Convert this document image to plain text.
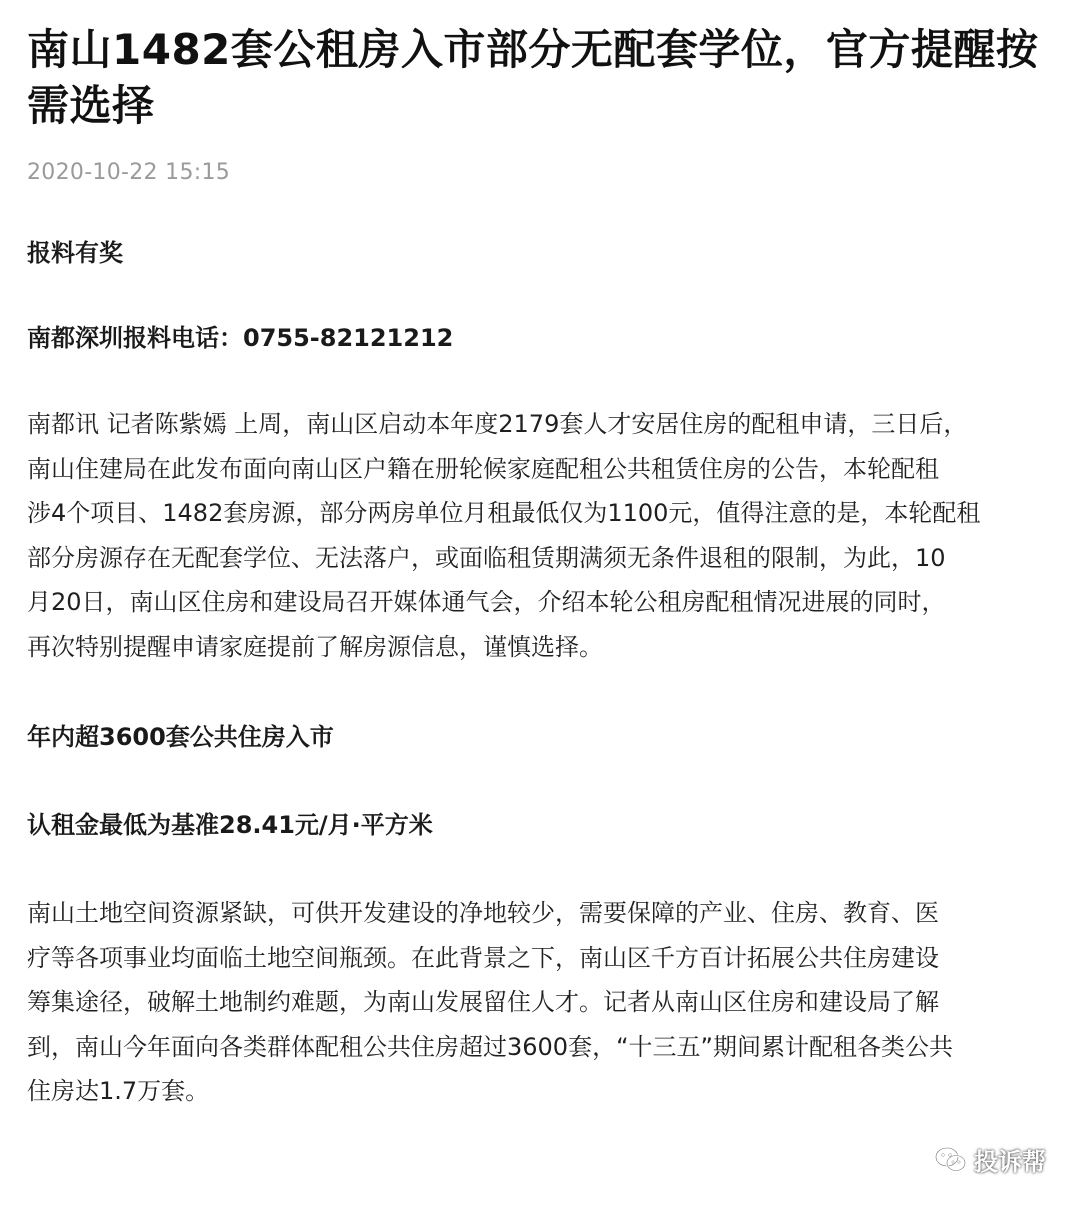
南山1482套公租房入市部分无配套学位，官方提醒按需选择
2020-10-22 15:15
报料有奖
南都深圳报料电话：0755-82121212
南都讯 记者陈紫嫣 上周，南山区启动本年度2179套人才安居住房的配租申请，三日后，
南山住建局在此发布面向南山区户籍在册轮候家庭配租公共租赁住房的公告，本轮配租
涉4个项目、1482套房源，部分两房单位月租最低仅为1100元，值得注意的是，本轮配租
部分房源存在无配套学位、无法落户，或面临租赁期满须无条件退租的限制，为此，10
月20日，南山区住房和建设局召开媒体通气会，介绍本轮公租房配租情况进展的同时，
再次特别提醒申请家庭提前了解房源信息，谨慎选择。
年内超3600套公共住房入市
认租金最低为基准28.41元/月·平方米
南山土地空间资源紧缺，可供开发建设的净地较少，需要保障的产业、住房、教育、医
疗等各项事业均面临土地空间瓶颈。在此背景之下，南山区千方百计拓展公共住房建设
筹集途径，破解土地制约难题，为南山发展留住人才。记者从南山区住房和建设局了解
到，南山今年面向各类群体配租公共住房超过3600套，“十三五”期间累计配租各类公共
住房达1.7万套。
投诉帮
